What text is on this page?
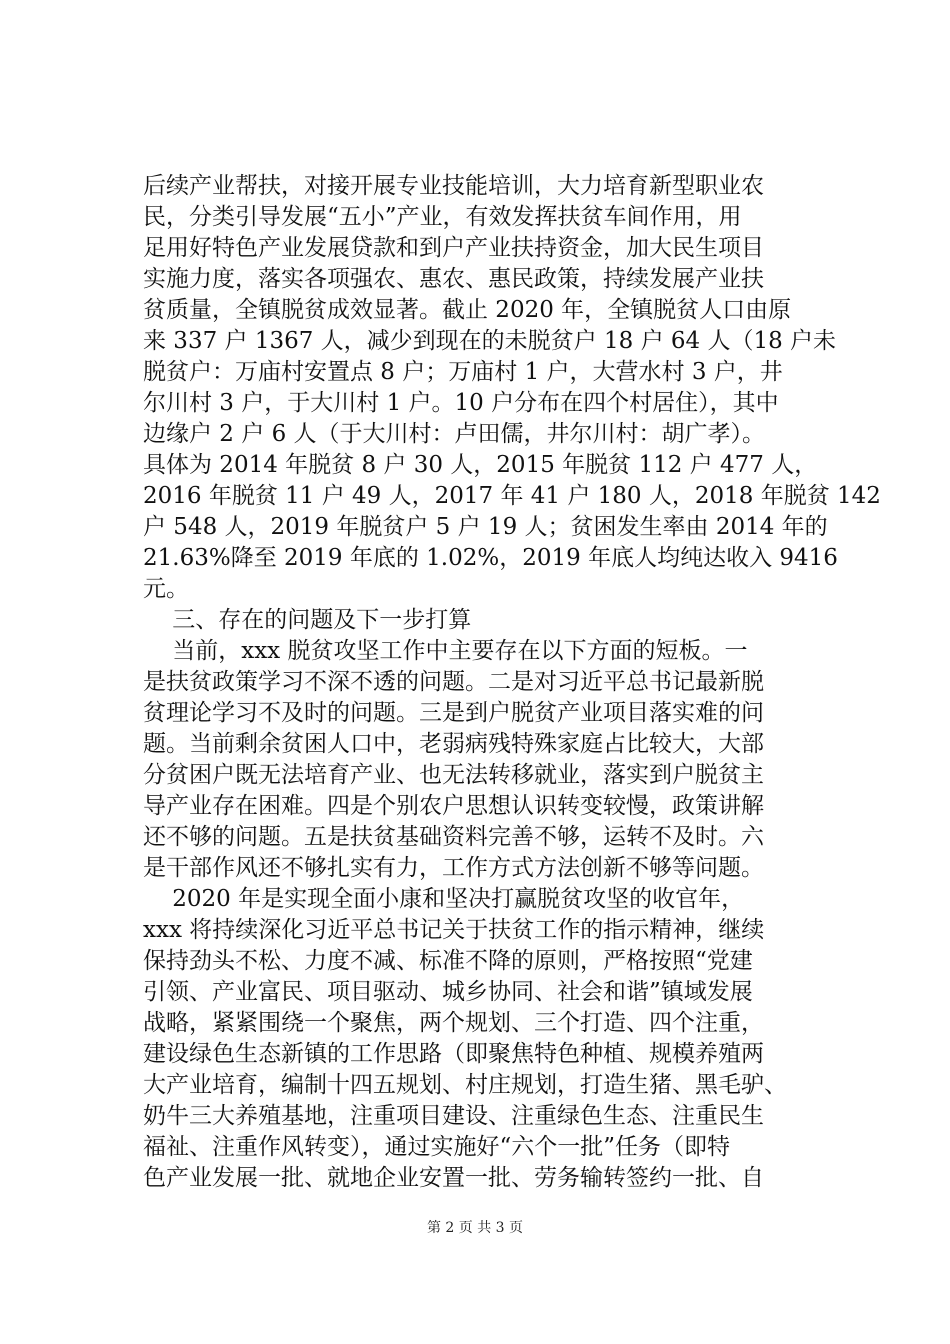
后续产业帮扶，对接开展专业技能培训，大力培育新型职业农
民，分类引导发展“五小”产业，有效发挥扶贫车间作用，用
足用好特色产业发展贷款和到户产业扶持资金，加大民生项目
实施力度，落实各项强农、惠农、惠民政策，持续发展产业扶
贫质量，全镇脱贫成效显著。截止 2020 年，全镇脱贫人口由原
来 337 户 1367 人，减少到现在的未脱贫户 18 户 64 人（18 户未
脱贫户：万庙村安置点 8 户；万庙村 1 户，大营水村 3 户，井
尔川村 3 户，于大川村 1 户。10 户分布在四个村居住），其中
边缘户 2 户 6 人（于大川村：卢田儒，井尔川村：胡广孝）。
具体为 2014 年脱贫 8 户 30 人，2015 年脱贫 112 户 477 人，
2016 年脱贫 11 户 49 人，2017 年 41 户 180 人，2018 年脱贫 142
户 548 人，2019 年脱贫户 5 户 19 人；贫困发生率由 2014 年的
21.63%降至 2019 年底的 1.02%，2019 年底人均纯达收入 9416
元。
三、存在的问题及下一步打算
当前，xxx 脱贫攻坚工作中主要存在以下方面的短板。一
是扶贫政策学习不深不透的问题。二是对习近平总书记最新脱
贫理论学习不及时的问题。三是到户脱贫产业项目落实难的问
题。当前剩余贫困人口中，老弱病残特殊家庭占比较大，大部
分贫困户既无法培育产业、也无法转移就业，落实到户脱贫主
导产业存在困难。四是个别农户思想认识转变较慢，政策讲解
还不够的问题。五是扶贫基础资料完善不够，运转不及时。六
是干部作风还不够扎实有力，工作方式方法创新不够等问题。
2020 年是实现全面小康和坚决打赢脱贫攻坚的收官年，
xxx 将持续深化习近平总书记关于扶贫工作的指示精神，继续
保持劲头不松、力度不减、标准不降的原则，严格按照“党建
引领、产业富民、项目驱动、城乡协同、社会和谐”镇域发展
战略，紧紧围绕一个聚焦，两个规划、三个打造、四个注重，
建设绿色生态新镇的工作思路（即聚焦特色种植、规模养殖两
大产业培育，编制十四五规划、村庄规划，打造生猪、黑毛驴、
奶牛三大养殖基地，注重项目建设、注重绿色生态、注重民生
福祉、注重作风转变），通过实施好“六个一批”任务（即特
色产业发展一批、就地企业安置一批、劳务输转签约一批、自
第 2 页 共 3 页
